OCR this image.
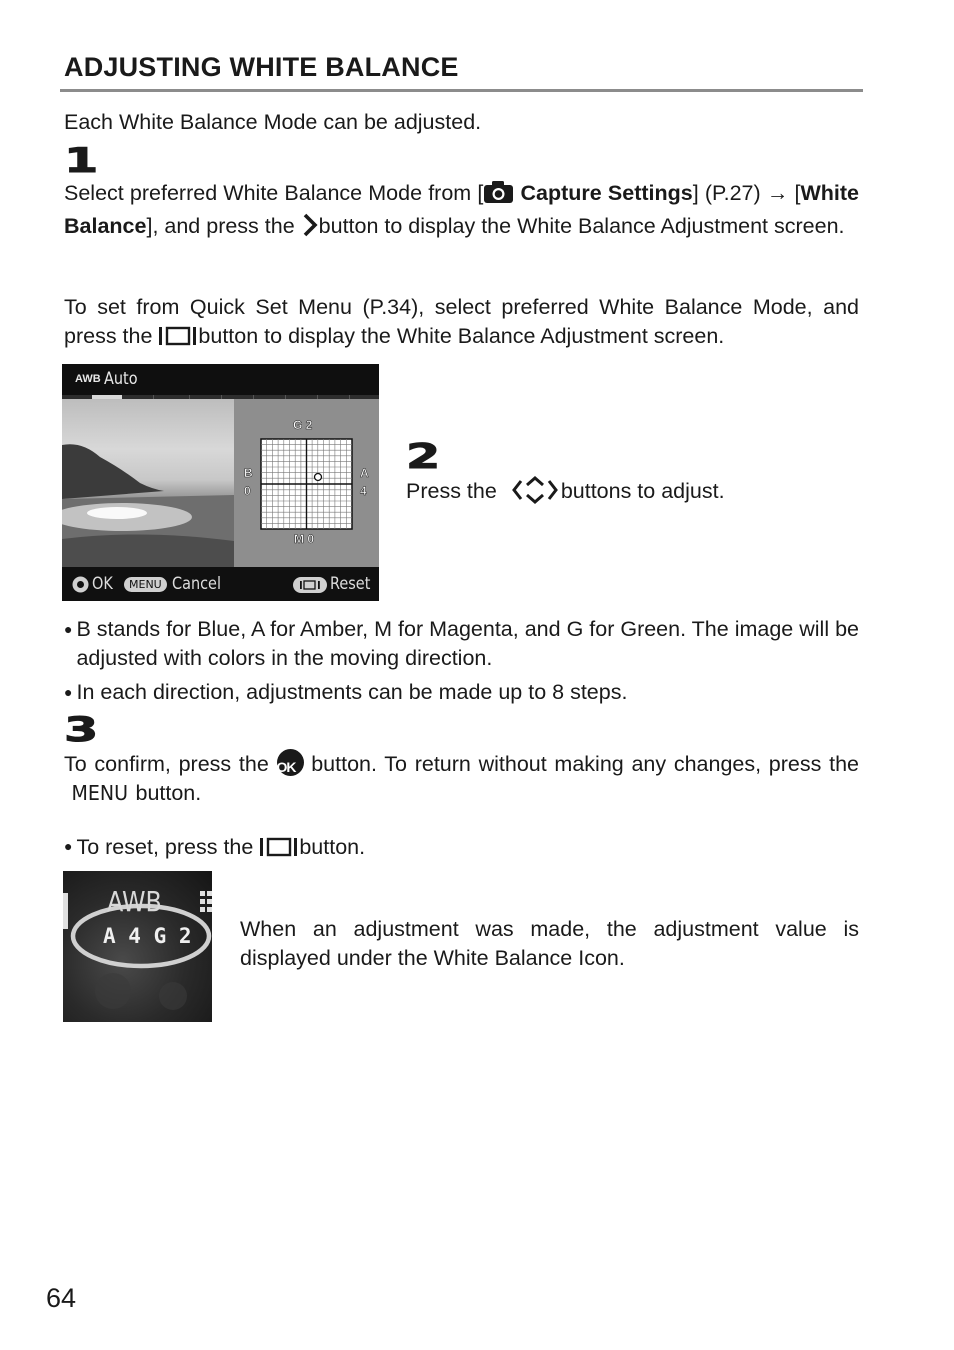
ADJUSTING WHITE BALANCE
Each White Balance Mode can be adjusted.
1
Select preferred White Balance Mode from [ Capture Settings] (P.27) → [White Balance], and press the button to display the White Balance Adjustment screen.
To set from Quick Set Menu (P.34), select preferred White Balance Mode, and press the button to display the White Balance Adjustment screen.
AWB Auto
G 2
M 0
B
0
A
4
OK	MENU Cancel	Reset
2
Press the	buttons to adjust.
● B stands for Blue, A for Amber, M for Magenta, and G for Green. The image will be adjusted with colors in the moving direction.
● In each direction, adjustments can be made up to 8 steps.
3
To confirm, press the OK button. To return without making any changes, press the MENU button.
● To reset, press the button.
AWB
A 4 G 2 When an adjustment was made, the adjustment value is displayed under the White Balance Icon.
64
